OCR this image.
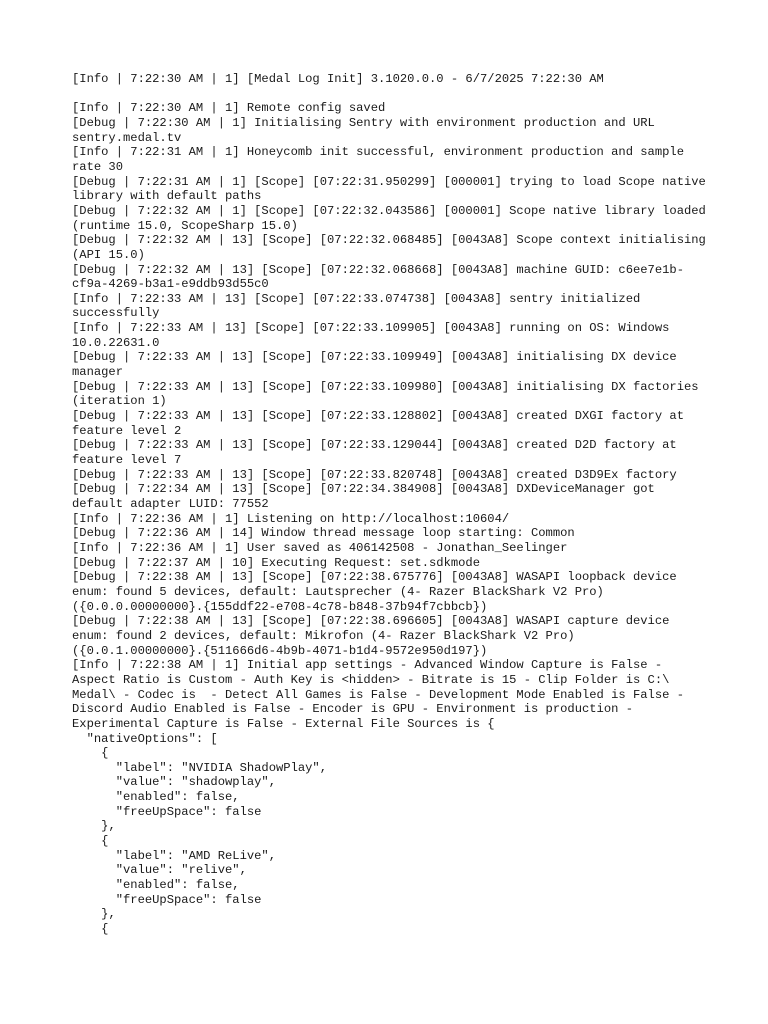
[Info | 7:22:30 AM | 1] [Medal Log Init] 3.1020.0.0 - 6/7/2025 7:22:30 AM
[Info | 7:22:30 AM | 1] Remote config saved
[Debug | 7:22:30 AM | 1] Initialising Sentry with environment production and URL sentry.medal.tv
[Info | 7:22:31 AM | 1] Honeycomb init successful, environment production and sample rate 30
[Debug | 7:22:31 AM | 1] [Scope] [07:22:31.950299] [000001] trying to load Scope native library with default paths
[Debug | 7:22:32 AM | 1] [Scope] [07:22:32.043586] [000001] Scope native library loaded (runtime 15.0, ScopeSharp 15.0)
[Debug | 7:22:32 AM | 13] [Scope] [07:22:32.068485] [0043A8] Scope context initialising (API 15.0)
[Debug | 7:22:32 AM | 13] [Scope] [07:22:32.068668] [0043A8] machine GUID: c6ee7e1b-cf9a-4269-b3a1-e9ddb93d55c0
[Info | 7:22:33 AM | 13] [Scope] [07:22:33.074738] [0043A8] sentry initialized successfully
[Info | 7:22:33 AM | 13] [Scope] [07:22:33.109905] [0043A8] running on OS: Windows 10.0.22631.0
[Debug | 7:22:33 AM | 13] [Scope] [07:22:33.109949] [0043A8] initialising DX device manager
[Debug | 7:22:33 AM | 13] [Scope] [07:22:33.109980] [0043A8] initialising DX factories (iteration 1)
[Debug | 7:22:33 AM | 13] [Scope] [07:22:33.128802] [0043A8] created DXGI factory at feature level 2
[Debug | 7:22:33 AM | 13] [Scope] [07:22:33.129044] [0043A8] created D2D factory at feature level 7
[Debug | 7:22:33 AM | 13] [Scope] [07:22:33.820748] [0043A8] created D3D9Ex factory
[Debug | 7:22:34 AM | 13] [Scope] [07:22:34.384908] [0043A8] DXDeviceManager got default adapter LUID: 77552
[Info | 7:22:36 AM | 1] Listening on http://localhost:10604/
[Debug | 7:22:36 AM | 14] Window thread message loop starting: Common
[Info | 7:22:36 AM | 1] User saved as 406142508 - Jonathan_Seelinger
[Debug | 7:22:37 AM | 10] Executing Request: set.sdkmode
[Debug | 7:22:38 AM | 13] [Scope] [07:22:38.675776] [0043A8] WASAPI loopback device enum: found 5 devices, default: Lautsprecher (4- Razer BlackShark V2 Pro) ({0.0.0.00000000}.{155ddf22-e708-4c78-b848-37b94f7cbbcb})
[Debug | 7:22:38 AM | 13] [Scope] [07:22:38.696605] [0043A8] WASAPI capture device enum: found 2 devices, default: Mikrofon (4- Razer BlackShark V2 Pro) ({0.0.1.00000000}.{511666d6-4b9b-4071-b1d4-9572e950d197})
[Info | 7:22:38 AM | 1] Initial app settings - Advanced Window Capture is False - Aspect Ratio is Custom - Auth Key is <hidden> - Bitrate is 15 - Clip Folder is C:\ Medal\ - Codec is  - Detect All Games is False - Development Mode Enabled is False - Discord Audio Enabled is False - Encoder is GPU - Environment is production - Experimental Capture is False - External File Sources is {
"nativeOptions": [
{
"label": "NVIDIA ShadowPlay",
"value": "shadowplay",
"enabled": false,
"freeUpSpace": false
},
{
"label": "AMD ReLive",
"value": "relive",
"enabled": false,
"freeUpSpace": false
},
{
